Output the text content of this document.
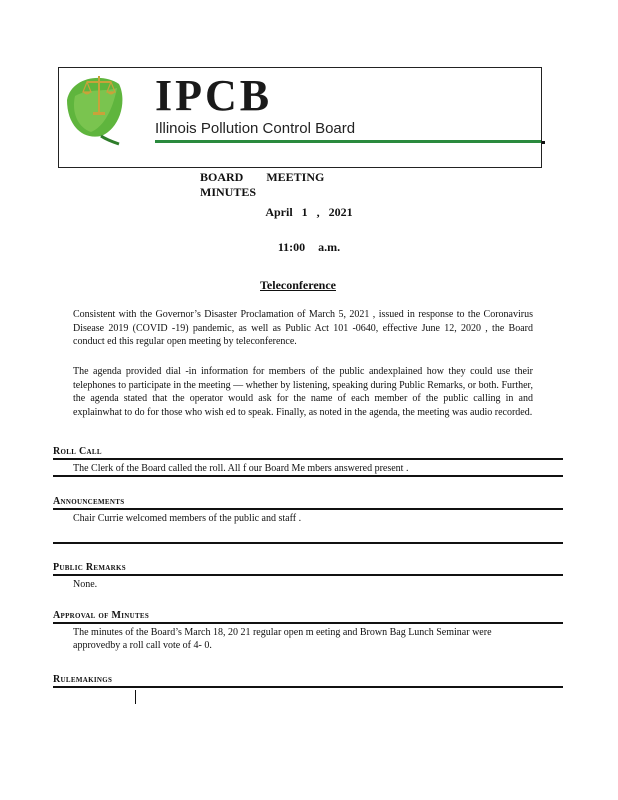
IPCB
Illinois Pollution Control Board
BOARD MEETING MINUTES
April 1 , 2021
11:00 a.m.
Teleconference
Consistent with the Governor’s Disaster Proclamation of March 5, 2021 , issued in response to the Coronavirus Disease 2019 (COVID -19) pandemic, as well as Public Act 101 -0640, effective June 12, 2020 , the Board conduct ed this regular open meeting by teleconference.
The agenda provided dial -in information for members of the public andexplained how they could use their telephones to participate in the meeting — whether by listening, speaking during Public Remarks, or both. Further, the agenda stated that the operator would ask for the name of each member of the public calling in and explainwhat to do for those who wish ed to speak. Finally, as noted in the agenda, the meeting was audio recorded.
Roll Call
The Clerk of the Board called the roll. All f our Board Me mbers answered present .
Announcements
Chair Currie welcomed members of the public and staff .
Public Remarks
None.
Approval of Minutes
The minutes of the Board’s March 18, 20 21 regular open m eeting and Brown Bag Lunch Seminar were approvedby a roll call vote of 4- 0.
Rulemakings
